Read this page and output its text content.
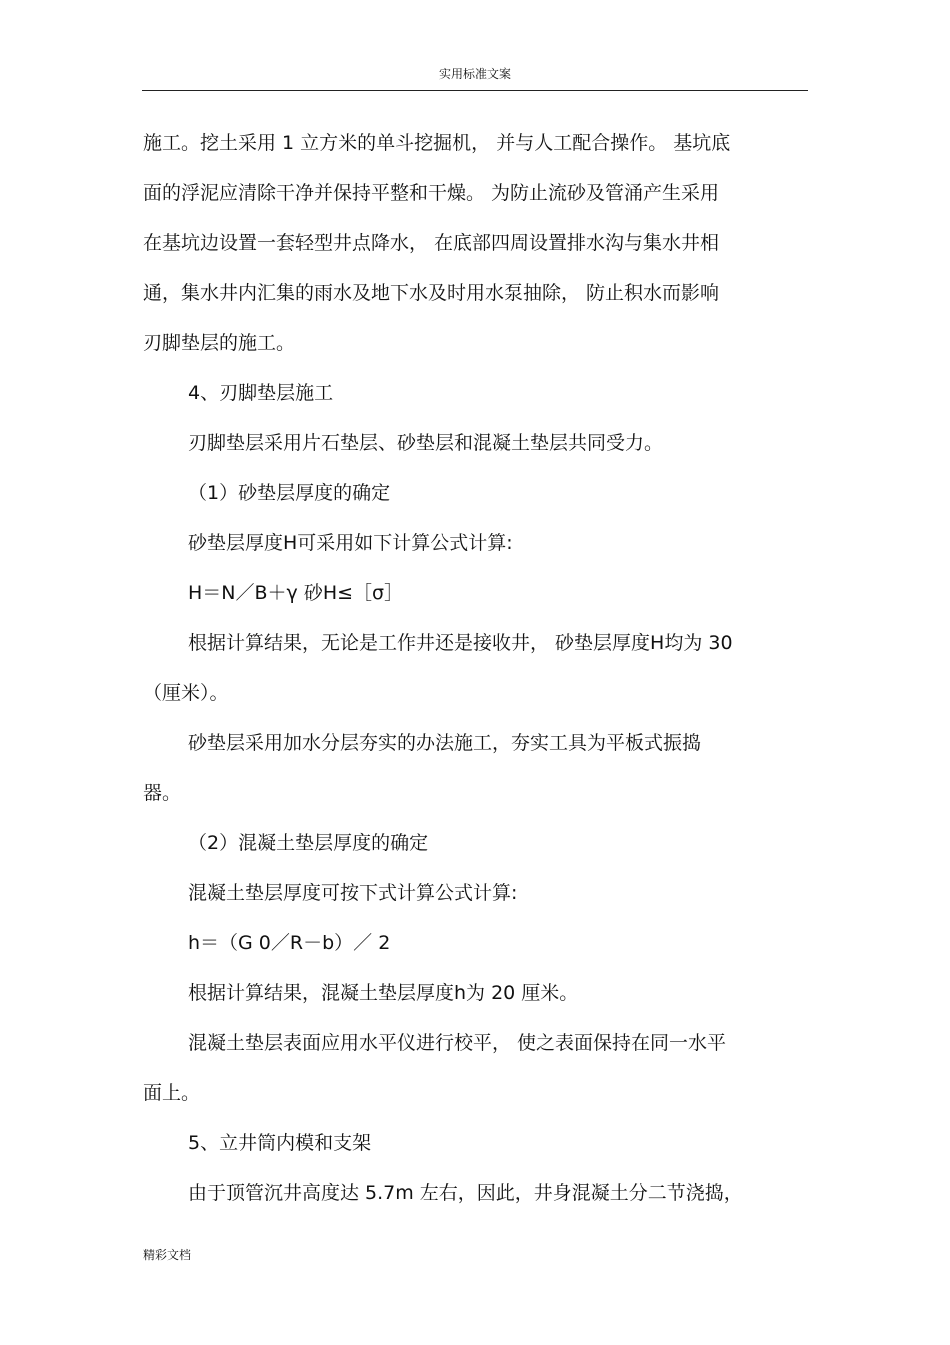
实用标准文案
施工。挖土采用 1 立方米的单斗挖掘机， 并与人工配合操作。 基坑底
面的浮泥应清除干净并保持平整和干燥。 为防止流砂及管涌产生采用
在基坑边设置一套轻型井点降水， 在底部四周设置排水沟与集水井相
通，集水井内汇集的雨水及地下水及时用水泵抽除， 防止积水而影响
刃脚垫层的施工。
4、刃脚垫层施工
刃脚垫层采用片石垫层、砂垫层和混凝土垫层共同受力。
（1）砂垫层厚度的确定
砂垫层厚度H可采用如下计算公式计算:
H＝N／B＋γ 砂H≤［σ］
根据计算结果，无论是工作井还是接收井， 砂垫层厚度H均为 30
（厘米）。
砂垫层采用加水分层夯实的办法施工，夯实工具为平板式振捣
器。
（2）混凝土垫层厚度的确定
混凝土垫层厚度可按下式计算公式计算:
h＝（G 0／R－b）／ 2
根据计算结果，混凝土垫层厚度h为 20 厘米。
混凝土垫层表面应用水平仪进行校平， 使之表面保持在同一水平
面上。
5、立井筒内模和支架
由于顶管沉井高度达 5.7m 左右，因此，井身混凝土分二节浇捣，
精彩文档
